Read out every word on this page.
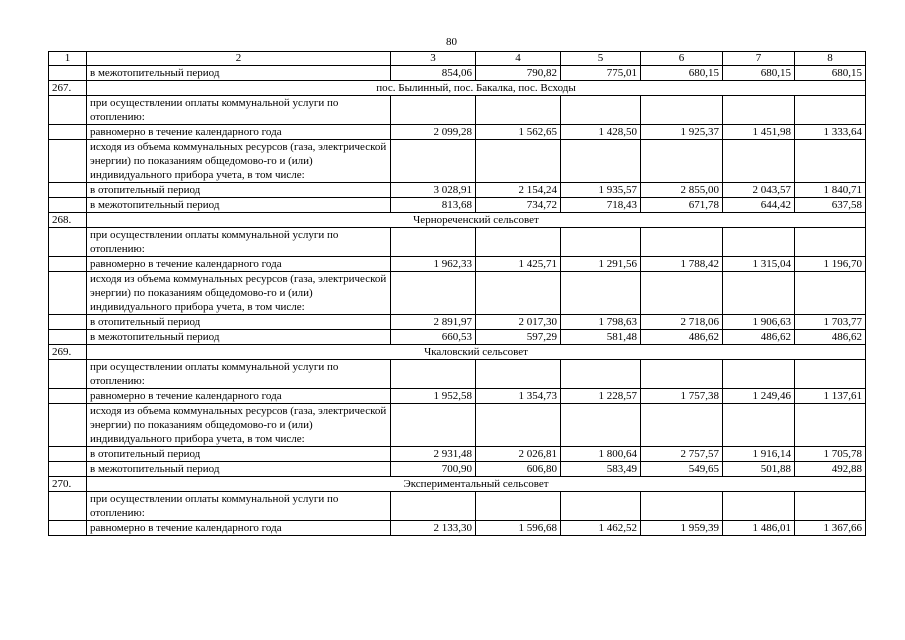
80
1	2	3	4	5	6	7	8
	в межотопительный период	854,06	790,82	775,01	680,15	680,15	680,15
267.	пос. Былинный, пос. Бакалка, пос. Всходы						
	при осуществлении оплаты коммунальной услуги по отоплению:						
	равномерно в течение календарного года	2 099,28	1 562,65	1 428,50	1 925,37	1 451,98	1 333,64
	исходя из объема коммунальных ресурсов (газа, электрической энергии) по показаниям общедомово-го и (или) индивидуального прибора учета, в том числе:						
	в отопительный период	3 028,91	2 154,24	1 935,57	2 855,00	2 043,57	1 840,71
	в межотопительный период	813,68	734,72	718,43	671,78	644,42	637,58
268.	Чернореченский сельсовет						
	при осуществлении оплаты коммунальной услуги по отоплению:						
	равномерно в течение календарного года	1 962,33	1 425,71	1 291,56	1 788,42	1 315,04	1 196,70
	исходя из объема коммунальных ресурсов (газа, электрической энергии) по показаниям общедомово-го и (или) индивидуального прибора учета, в том числе:						
	в отопительный период	2 891,97	2 017,30	1 798,63	2 718,06	1 906,63	1 703,77
	в межотопительный период	660,53	597,29	581,48	486,62	486,62	486,62
269.	Чкаловский сельсовет						
	при осуществлении оплаты коммунальной услуги по отоплению:						
	равномерно в течение календарного года	1 952,58	1 354,73	1 228,57	1 757,38	1 249,46	1 137,61
	исходя из объема коммунальных ресурсов (газа, электрической энергии) по показаниям общедомово-го и (или) индивидуального прибора учета, в том числе:						
	в отопительный период	2 931,48	2 026,81	1 800,64	2 757,57	1 916,14	1 705,78
	в межотопительный период	700,90	606,80	583,49	549,65	501,88	492,88
270.	Экспериментальный сельсовет						
	при осуществлении оплаты коммунальной услуги по отоплению:						
	равномерно в течение календарного года	2 133,30	1 596,68	1 462,52	1 959,39	1 486,01	1 367,66
